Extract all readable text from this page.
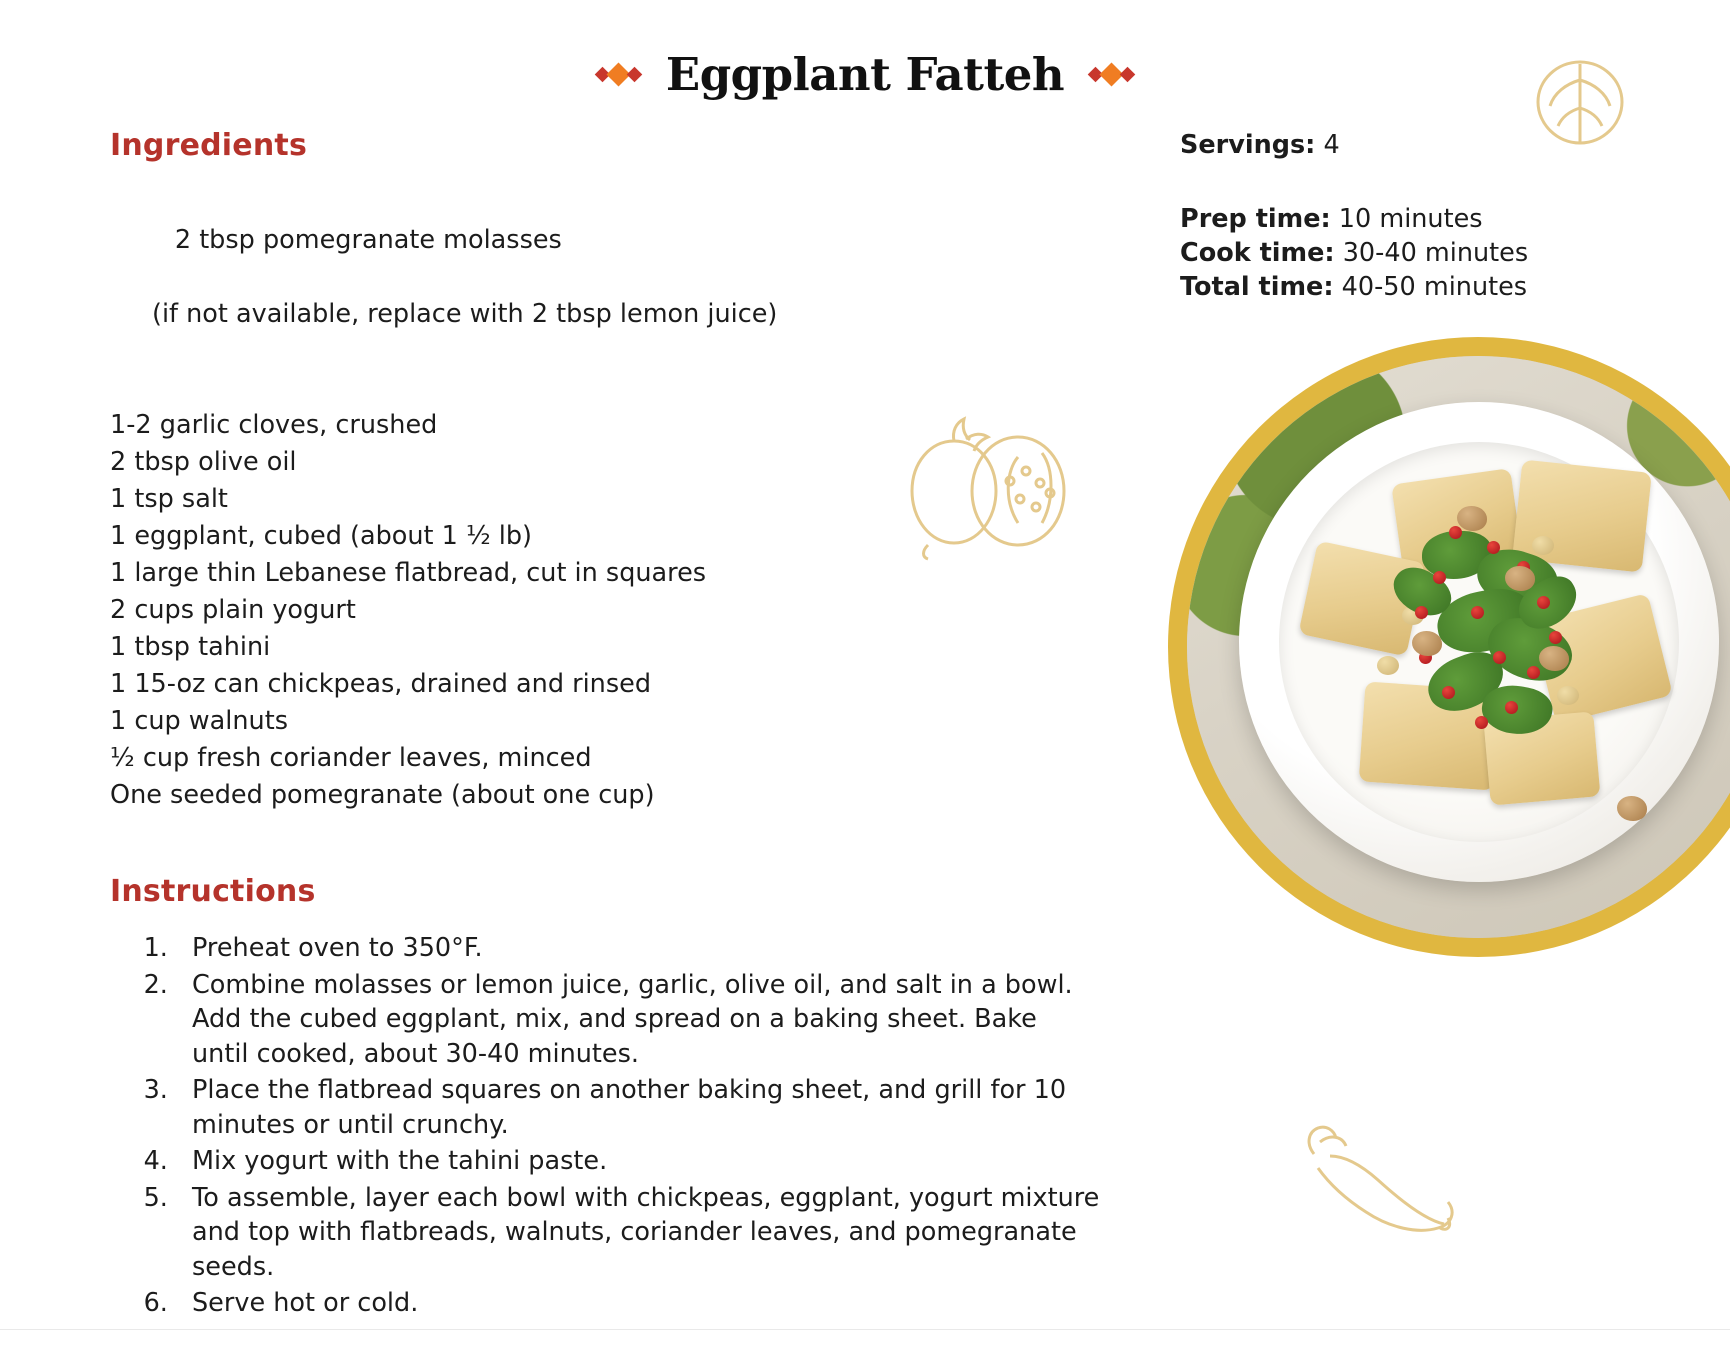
Eggplant Fatteh
Ingredients

2 tbsp pomegranate molasses

(if not available, replace with 2 tbsp lemon juice)

1-2 garlic cloves, crushed
2 tbsp olive oil
1 tsp salt
1 eggplant, cubed (about 1 ½ lb)
1 large thin Lebanese flatbread, cut in squares
2 cups plain yogurt
1 tbsp tahini
1 15-oz can chickpeas, drained and rinsed
1 cup walnuts
½ cup fresh coriander leaves, minced
One seeded pomegranate (about one cup)
Instructions
1. Preheat oven to 350°F.
2. Combine molasses or lemon juice, garlic, olive oil, and salt in a bowl. Add the cubed eggplant, mix, and spread on a baking sheet. Bake until cooked, about 30-40 minutes.
3. Place the flatbread squares on another baking sheet, and grill for 10 minutes or until crunchy.
4. Mix yogurt with the tahini paste.
5. To assemble, layer each bowl with chickpeas, eggplant, yogurt mixture and top with flatbreads, walnuts, coriander leaves, and pomegranate seeds.
6. Serve hot or cold.
Servings: 4
Prep time: 10 minutes
Cook time: 30-40 minutes
Total time: 40-50 minutes
